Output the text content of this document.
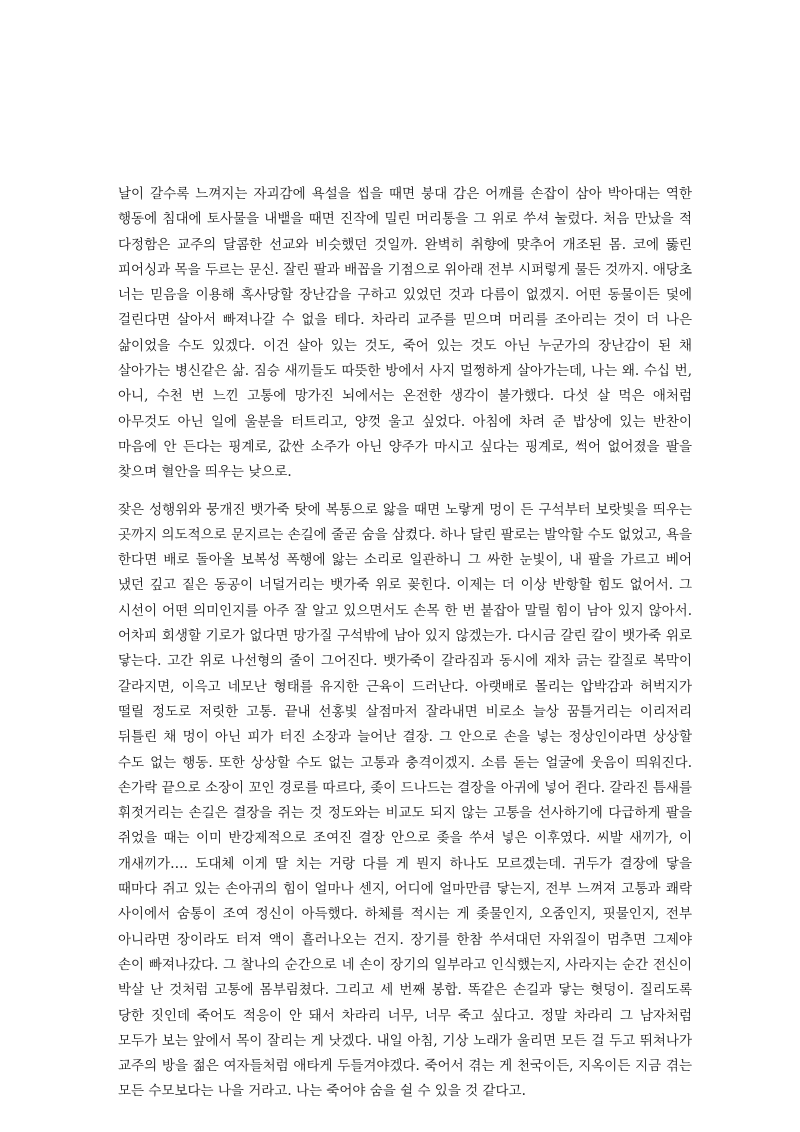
날이 갈수록 느껴지는 자괴감에 욕설을 씹을 때면 붕대 감은 어깨를 손잡이 삼아 박아대는 역한 행동에 침대에 토사물을 내뱉을 때면 진작에 밀린 머리통을 그 위로 쑤셔 눌렀다. 처음 만났을 적 다정함은 교주의 달콤한 선교와 비슷했던 것일까. 완벽히 취향에 맞추어 개조된 몸. 코에 뚫린 피어싱과 목을 두르는 문신. 잘린 팔과 배꼽을 기점으로 위아래 전부 시퍼렇게 물든 것까지. 애당초 너는 믿음을 이용해 혹사당할 장난감을 구하고 있었던 것과 다름이 없겠지. 어떤 동물이든 덫에 걸린다면 살아서 빠져나갈 수 없을 테다. 차라리 교주를 믿으며 머리를 조아리는 것이 더 나은 삶이었을 수도 있겠다. 이건 살아 있는 것도, 죽어 있는 것도 아닌 누군가의 장난감이 된 채 살아가는 병신같은 삶. 짐승 새끼들도 따뜻한 방에서 사지 멀쩡하게 살아가는데, 나는 왜. 수십 번, 아니, 수천 번 느낀 고통에 망가진 뇌에서는 온전한 생각이 불가했다. 다섯 살 먹은 애처럼 아무것도 아닌 일에 울분을 터트리고, 양껏 울고 싶었다. 아침에 차려 준 밥상에 있는 반찬이 마음에 안 든다는 핑계로, 값싼 소주가 아닌 양주가 마시고 싶다는 핑계로, 썩어 없어졌을 팔을 찾으며 혈안을 띄우는 낮으로.

잦은 성행위와 뭉개진 뱃가죽 탓에 복통으로 앓을 때면 노랗게 멍이 든 구석부터 보랏빛을 띄우는 곳까지 의도적으로 문지르는 손길에 줄곧 숨을 삼켰다. 하나 달린 팔로는 발악할 수도 없었고, 욕을 한다면 배로 돌아올 보복성 폭행에 앓는 소리로 일관하니 그 싸한 눈빛이, 내 팔을 가르고 베어 냈던 깊고 짙은 동공이 너덜거리는 뱃가죽 위로 꽂힌다. 이제는 더 이상 반항할 힘도 없어서. 그 시선이 어떤 의미인지를 아주 잘 알고 있으면서도 손목 한 번 붙잡아 말릴 힘이 남아 있지 않아서. 어차피 회생할 기로가 없다면 망가질 구석밖에 남아 있지 않겠는가. 다시금 갈린 칼이 뱃가죽 위로 닿는다. 고간 위로 나선형의 줄이 그어진다. 뱃가죽이 갈라짐과 동시에 재차 긁는 칼질로 복막이 갈라지면, 이윽고 네모난 형태를 유지한 근육이 드러난다. 아랫배로 몰리는 압박감과 허벅지가 떨릴 정도로 저릿한 고통. 끝내 선홍빛 살점마저 잘라내면 비로소 늘상 꿈틀거리는 이리저리 뒤틀린 채 멍이 아닌 피가 터진 소장과 늘어난 결장. 그 안으로 손을 넣는 정상인이라면 상상할 수도 없는 행동. 또한 상상할 수도 없는 고통과 충격이겠지. 소름 돋는 얼굴에 웃음이 띄워진다. 손가락 끝으로 소장이 꼬인 경로를 따르다, 좆이 드나드는 결장을 아귀에 넣어 쥔다. 갈라진 틈새를 휘젓거리는 손길은 결장을 쥐는 것 정도와는 비교도 되지 않는 고통을 선사하기에 다급하게 팔을 쥐었을 때는 이미 반강제적으로 조여진 결장 안으로 좆을 쑤셔 넣은 이후였다. 씨발 새끼가, 이 개새끼가…. 도대체 이게 딸 치는 거랑 다를 게 뭔지 하나도 모르겠는데. 귀두가 결장에 닿을 때마다 쥐고 있는 손아귀의 힘이 얼마나 센지, 어디에 얼마만큼 닿는지, 전부 느껴져 고통과 쾌락 사이에서 숨통이 조여 정신이 아득했다. 하체를 적시는 게 좆물인지, 오줌인지, 핏물인지, 전부 아니라면 장이라도 터져 액이 흘러나오는 건지. 장기를 한참 쑤셔대던 자위질이 멈추면 그제야 손이 빠져나갔다. 그 찰나의 순간으로 네 손이 장기의 일부라고 인식했는지, 사라지는 순간 전신이 박살 난 것처럼 고통에 몸부림쳤다. 그리고 세 번째 봉합. 똑같은 손길과 닿는 혓덩이. 질리도록 당한 짓인데 죽어도 적응이 안 돼서 차라리 너무, 너무 죽고 싶다고. 정말 차라리 그 남자처럼 모두가 보는 앞에서 목이 잘리는 게 낫겠다. 내일 아침, 기상 노래가 울리면 모든 걸 두고 뛰쳐나가 교주의 방을 젊은 여자들처럼 애타게 두들겨야겠다. 죽어서 겪는 게 천국이든, 지옥이든 지금 겪는 모든 수모보다는 나을 거라고. 나는 죽어야 숨을 쉴 수 있을 것 같다고.
